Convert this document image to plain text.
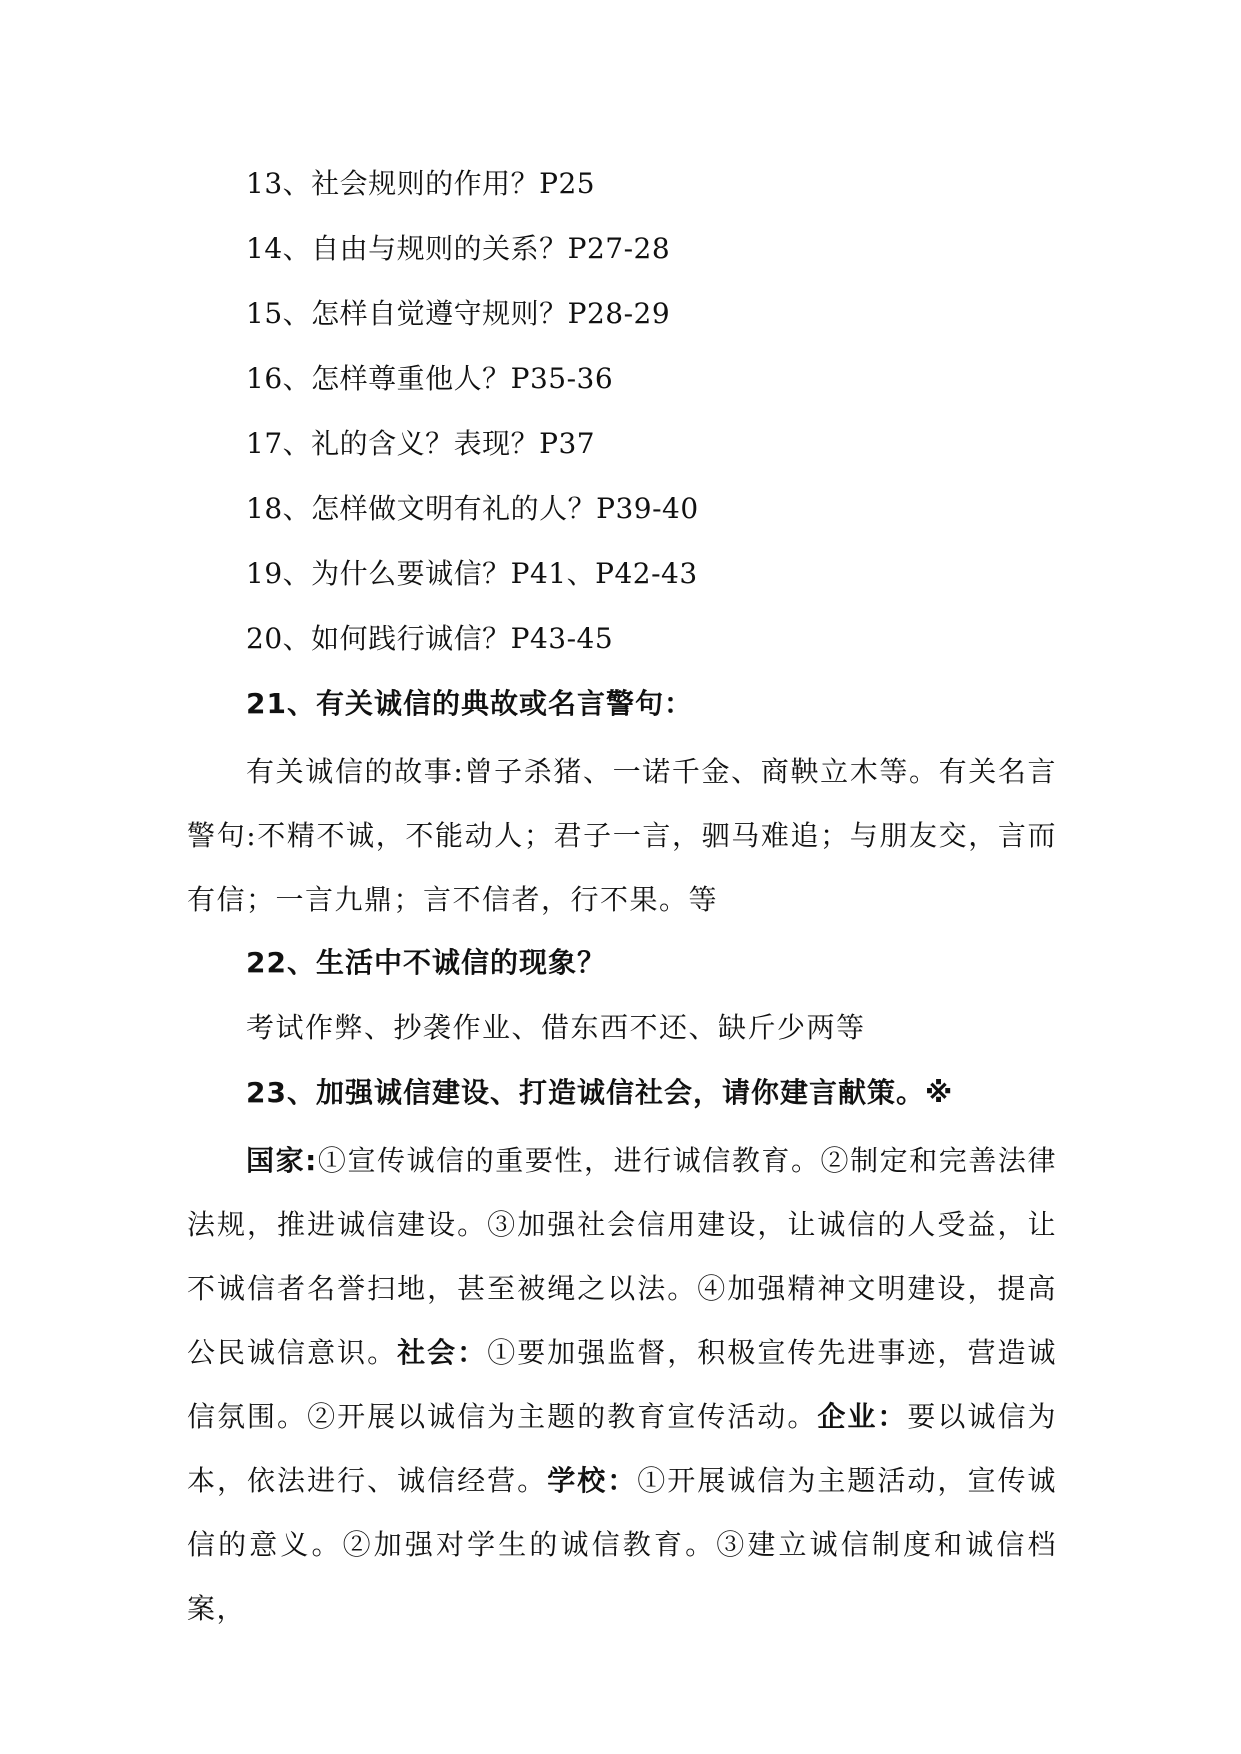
13、社会规则的作用？P25
14、自由与规则的关系？P27-28
15、怎样自觉遵守规则？P28-29
16、怎样尊重他人？P35-36
17、礼的含义？表现？P37
18、怎样做文明有礼的人？P39-40
19、为什么要诚信？P41、P42-43
20、如何践行诚信？P43-45
21、有关诚信的典故或名言警句：
有关诚信的故事:曾子杀猪、一诺千金、商鞅立木等。有关名言警句:不精不诚，不能动人；君子一言，驷马难追；与朋友交，言而有信；一言九鼎；言不信者，行不果。等
22、生活中不诚信的现象？
考试作弊、抄袭作业、借东西不还、缺斤少两等
23、加强诚信建设、打造诚信社会，请你建言献策。※
国家:①宣传诚信的重要性，进行诚信教育。②制定和完善法律法规，推进诚信建设。③加强社会信用建设，让诚信的人受益，让不诚信者名誉扫地，甚至被绳之以法。④加强精神文明建设，提高公民诚信意识。社会：①要加强监督，积极宣传先进事迹，营造诚信氛围。②开展以诚信为主题的教育宣传活动。企业：要以诚信为本，依法进行、诚信经营。学校：①开展诚信为主题活动，宣传诚信的意义。②加强对学生的诚信教育。③建立诚信制度和诚信档案，
